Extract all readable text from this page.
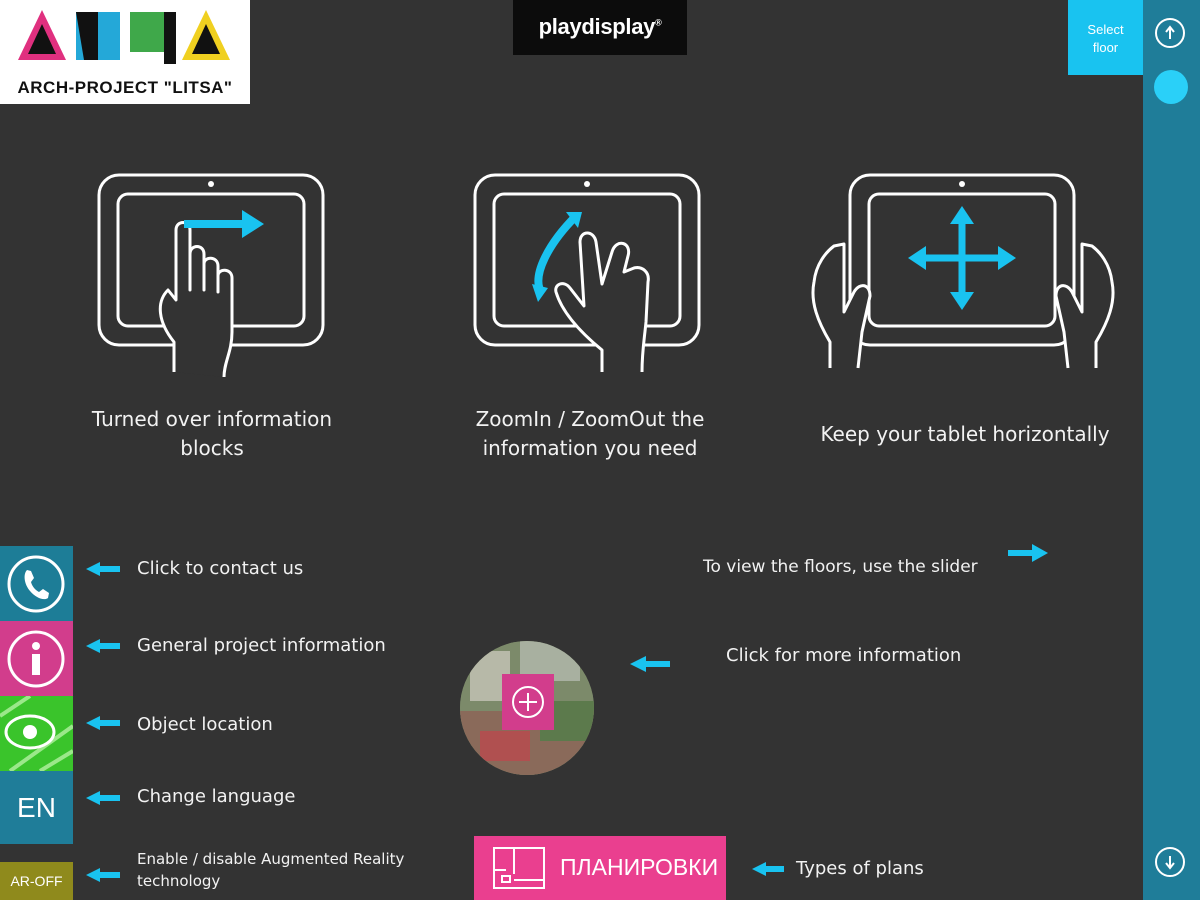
ARCH-PROJECT "LITSA"
playdisplay®	Select
floor
Turned over information
blocks
ZoomIn / ZoomOut the
information you need
Keep your tablet horizontally
Click to contact us
General project information
Object location
EN	Change language
AR-OFF
Enable / disable Augmented Reality
technology
To view the floors, use the slider
Click for more information
ПЛАНИРОВКИ	Types of plans
